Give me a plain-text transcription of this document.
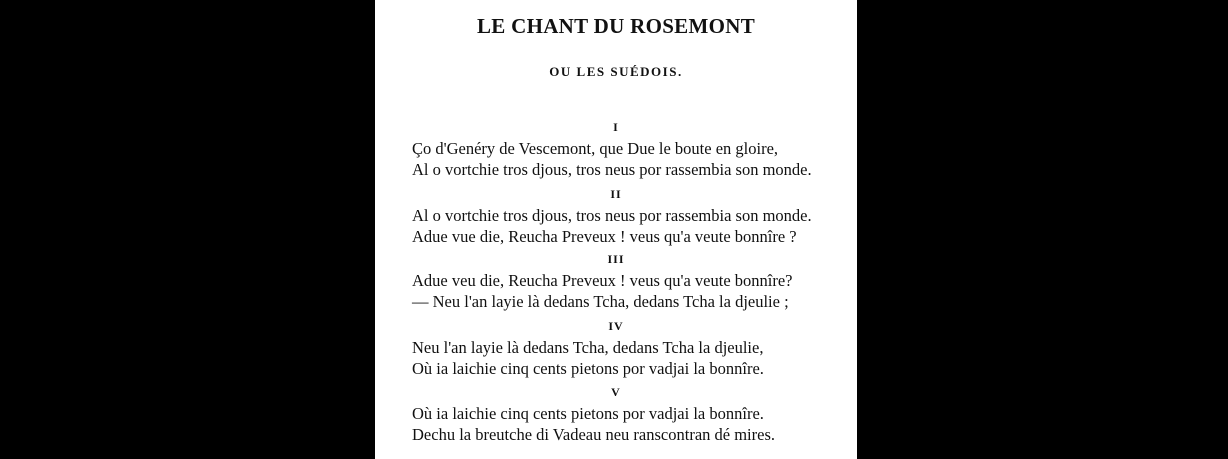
LE CHANT DU ROSEMONT
OU LES SUÉDOIS.
I
Ço d'Genéry de Vescemont, que Due le boute en gloire,
Al o vortchie tros djous, tros neus por rassembia son monde.
II
Al o vortchie tros djous, tros neus por rassembia son monde.
Adue vue die, Reucha Preveux ! veus qu'a veute bonnîre ?
III
Adue veu die, Reucha Preveux ! veus qu'a veute bonnîre?
— Neu l'an layie là dedans Tcha, dedans Tcha la djeulie ;
IV
Neu l'an layie là dedans Tcha, dedans Tcha la djeulie,
Où ia laichie cinq cents pietons por vadjai la bonnîre.
V
Où ia laichie cinq cents pietons por vadjai la bonnîre.
Dechu la breutche di Vadeau neu ranscontran dé mires.
